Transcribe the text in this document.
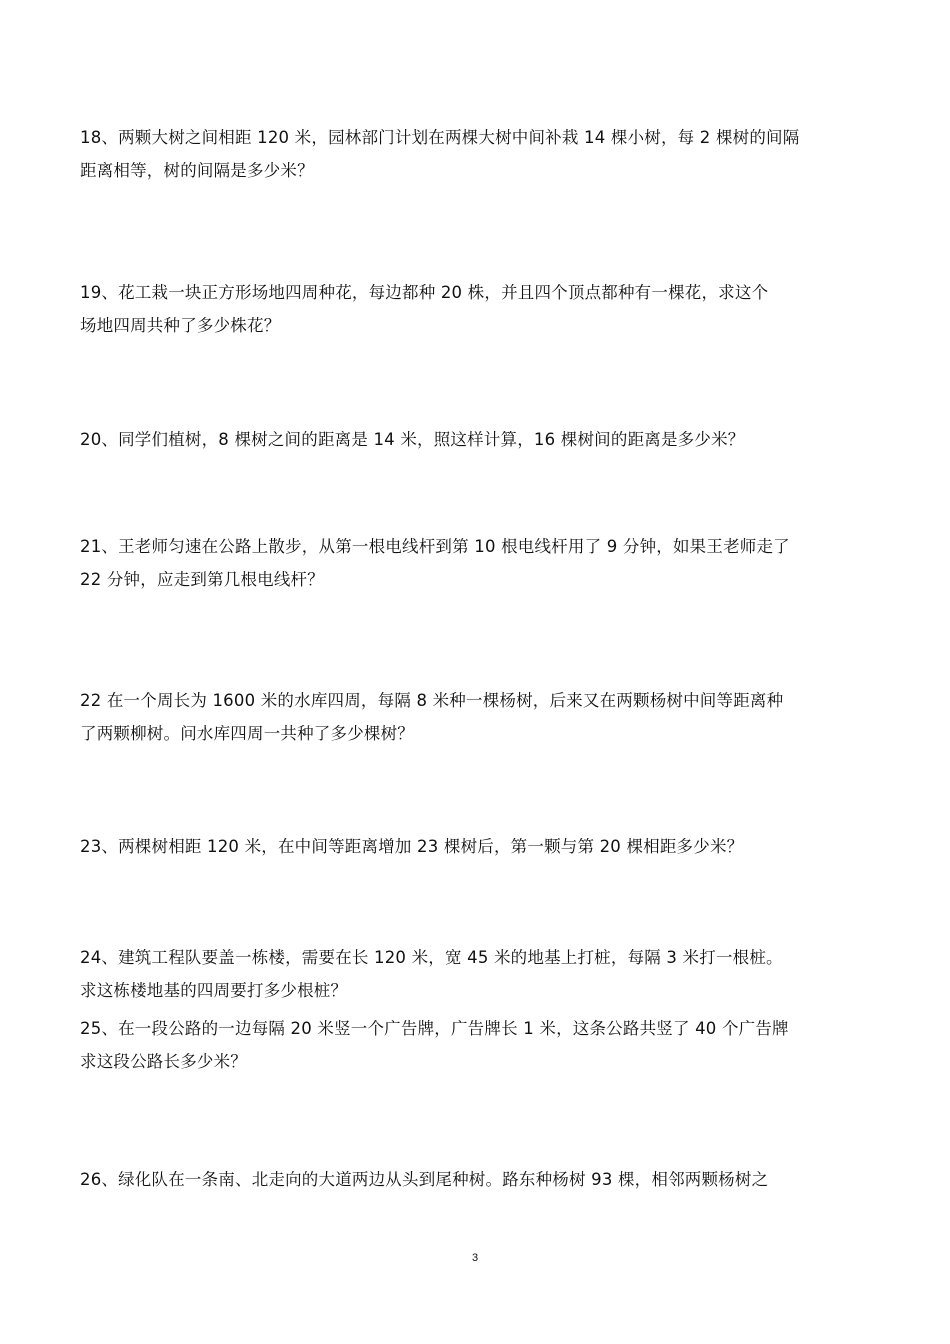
18、两颗大树之间相距 120 米，园林部门计划在两棵大树中间补栽 14 棵小树，每 2 棵树的间隔
距离相等，树的间隔是多少米？
19、花工栽一块正方形场地四周种花，每边都种 20 株，并且四个顶点都种有一棵花，求这个
场地四周共种了多少株花？
20、同学们植树，8 棵树之间的距离是 14 米，照这样计算，16 棵树间的距离是多少米？
21、王老师匀速在公路上散步，从第一根电线杆到第 10 根电线杆用了 9 分钟，如果王老师走了
22 分钟，应走到第几根电线杆？
22 在一个周长为 1600 米的水库四周，每隔 8 米种一棵杨树，后来又在两颗杨树中间等距离种
了两颗柳树。问水库四周一共种了多少棵树？
23、两棵树相距 120 米，在中间等距离增加 23 棵树后，第一颗与第 20 棵相距多少米？
24、建筑工程队要盖一栋楼，需要在长 120 米，宽 45 米的地基上打桩，每隔 3 米打一根桩。
求这栋楼地基的四周要打多少根桩？
25、在一段公路的一边每隔 20 米竖一个广告牌，广告牌长 1 米，这条公路共竖了 40 个广告牌
求这段公路长多少米？
26、绿化队在一条南、北走向的大道两边从头到尾种树。路东种杨树 93 棵，相邻两颗杨树之
3
